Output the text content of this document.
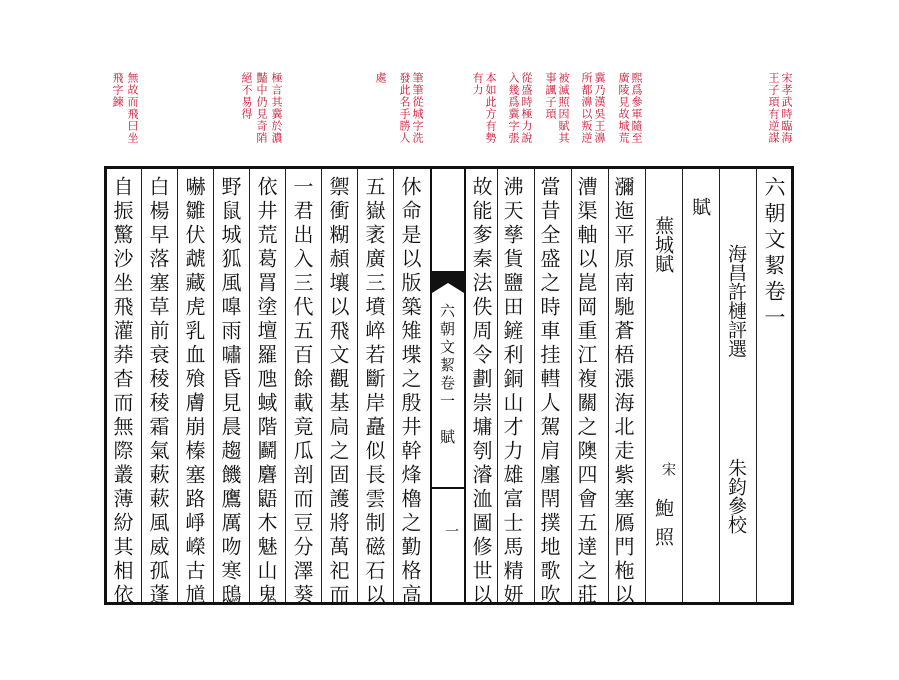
宋孝武時臨海
王子頊有逆謀
熙爲參軍隨至
廣陵見故城荒
冀乃漢吳王濞
所都濞以叛逆
被滅照因賦其
事諷子頊
從盛時極力說
入幾爲冀字張
本如此方有勢
有力
筆筆從城字洗
發此名手勝人
處
極言其冀於濃
豔中仍見奇陗
絕不易得
無故而飛曰坐
飛字鍊
六朝文絜卷一
海昌許槤評選
朱鈞參校
賦
蕪城賦
宋
鮑照
瀰迤平原南馳蒼梧漲海北走紫塞鴈門柂以
漕渠軸以崑岡重江複關之隩四會五達之莊
當昔全盛之時車挂轊人駕肩廛閈撲地歌吹
沸天孳貨鹽田鏟利銅山才力雄富士馬精妍
故能奓秦法佚周令劃崇墉刳濬洫圖修世以
六朝文絜卷一　賦
一
休命是以版築雉堞之殷井幹烽櫓之勤格高
五嶽袤廣三墳崪若斷岸矗似長雲制磁石以
禦衝糊頳壤以飛文觀基扃之固護將萬祀而
一君出入三代五百餘載竟瓜剖而豆分澤葵
依井荒葛罥塗壇羅虺蜮階鬬麏鼯木魅山鬼
野鼠城狐風嘷雨嘯昏見晨趨饑鷹厲吻寒鴟
嚇雛伏虣藏虎乳血飱膚崩榛塞路崢嶸古馗
白楊早落塞草前衰稜稜霜氣蔌蔌風威孤蓬
自振驚沙坐飛灌莽杳而無際叢薄紛其相依
